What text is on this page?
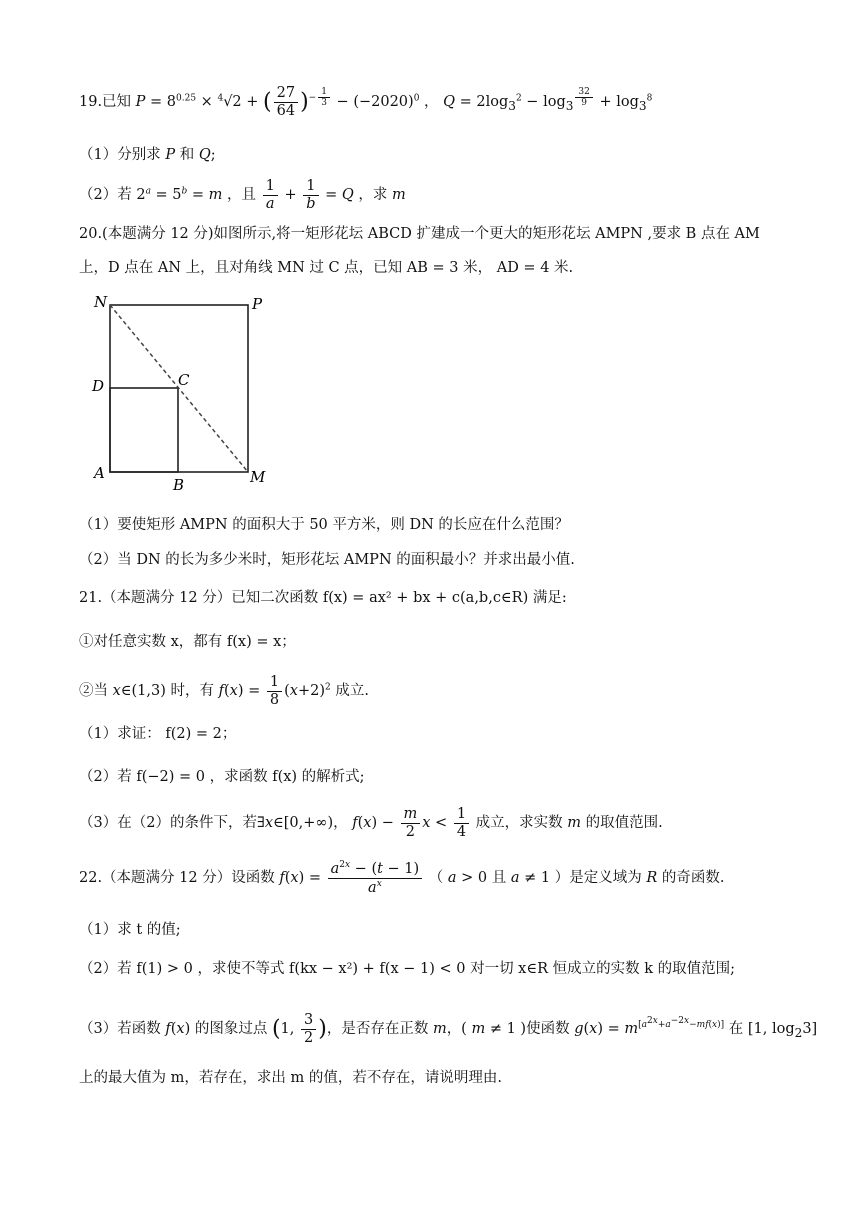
19.已知 $P = 8^{0.25} \times ^4√2$ + ( $\frac{27}{64} )^{- \frac{1}{3}} - (-2020)^0$ ， $Q = 2\log_3^2 - \log_3 ^{\frac{32}{9}} + \log_3^8$
（1）分别求 P 和 Q;
（2）若 $2^a = 5^b = m$ ，且 $\frac{1}{a} + \frac{1}{b} = Q$ ，求 m
20.(本题满分 12 分)如图所示,将一矩形花坛 ABCD 扩建成一个更大的矩形花坛 AMPN ,要求 B 点在 AM
上，D 点在 AN 上，且对角线 MN 过 C 点，已知 AB = 3 米， AD = 4 米.
N	P
D	C
A
B	M
（1）要使矩形 AMPN 的面积大于 50 平方米，则 DN 的长应在什么范围？
（2）当 DN 的长为多少米时，矩形花坛 AMPN 的面积最小？并求出最小值.
21.（本题满分 12 分）已知二次函数 f(x) = ax² + bx + c(a,b,c∈R) 满足:
①对任意实数 x，都有 f(x) = x；
②当 x∈(1,3) 时，有 $f(x) = \frac{1}{8} (x+2)^2$ 成立.
（1）求证： f(2) = 2；
（2）若 f(−2) = 0 ，求函数 f(x) 的解析式;
（3）在（2）的条件下，若∃x∈[0,+∞)， $f(x) - \frac{m}{2}$ $x < \frac{1}{4}$ 成立，求实数 m 的取值范围.
22.（本题满分 12 分）设函数 $f(x) = \frac{a^{2x} - (t - 1)}{a^x}$ （ a > 0 且 a ≠ 1 ）是定义域为 R 的奇函数.
（1）求 t 的值;
（2）若 f(1) > 0 ，求使不等式 f(kx − x²) + f(x − 1) < 0 对一切 x∈R 恒成立的实数 k 的取值范围;
（3）若函数 f(x) 的图象过点 (1, $\frac{3}{2}$ )，是否存在正数 m，( m ≠ 1 )使函数 g(x) = m[a2x+a−2x−mf(x)] 在 [1, $\log_23$]
上的最大值为 m，若存在，求出 m 的值，若不存在，请说明理由.
